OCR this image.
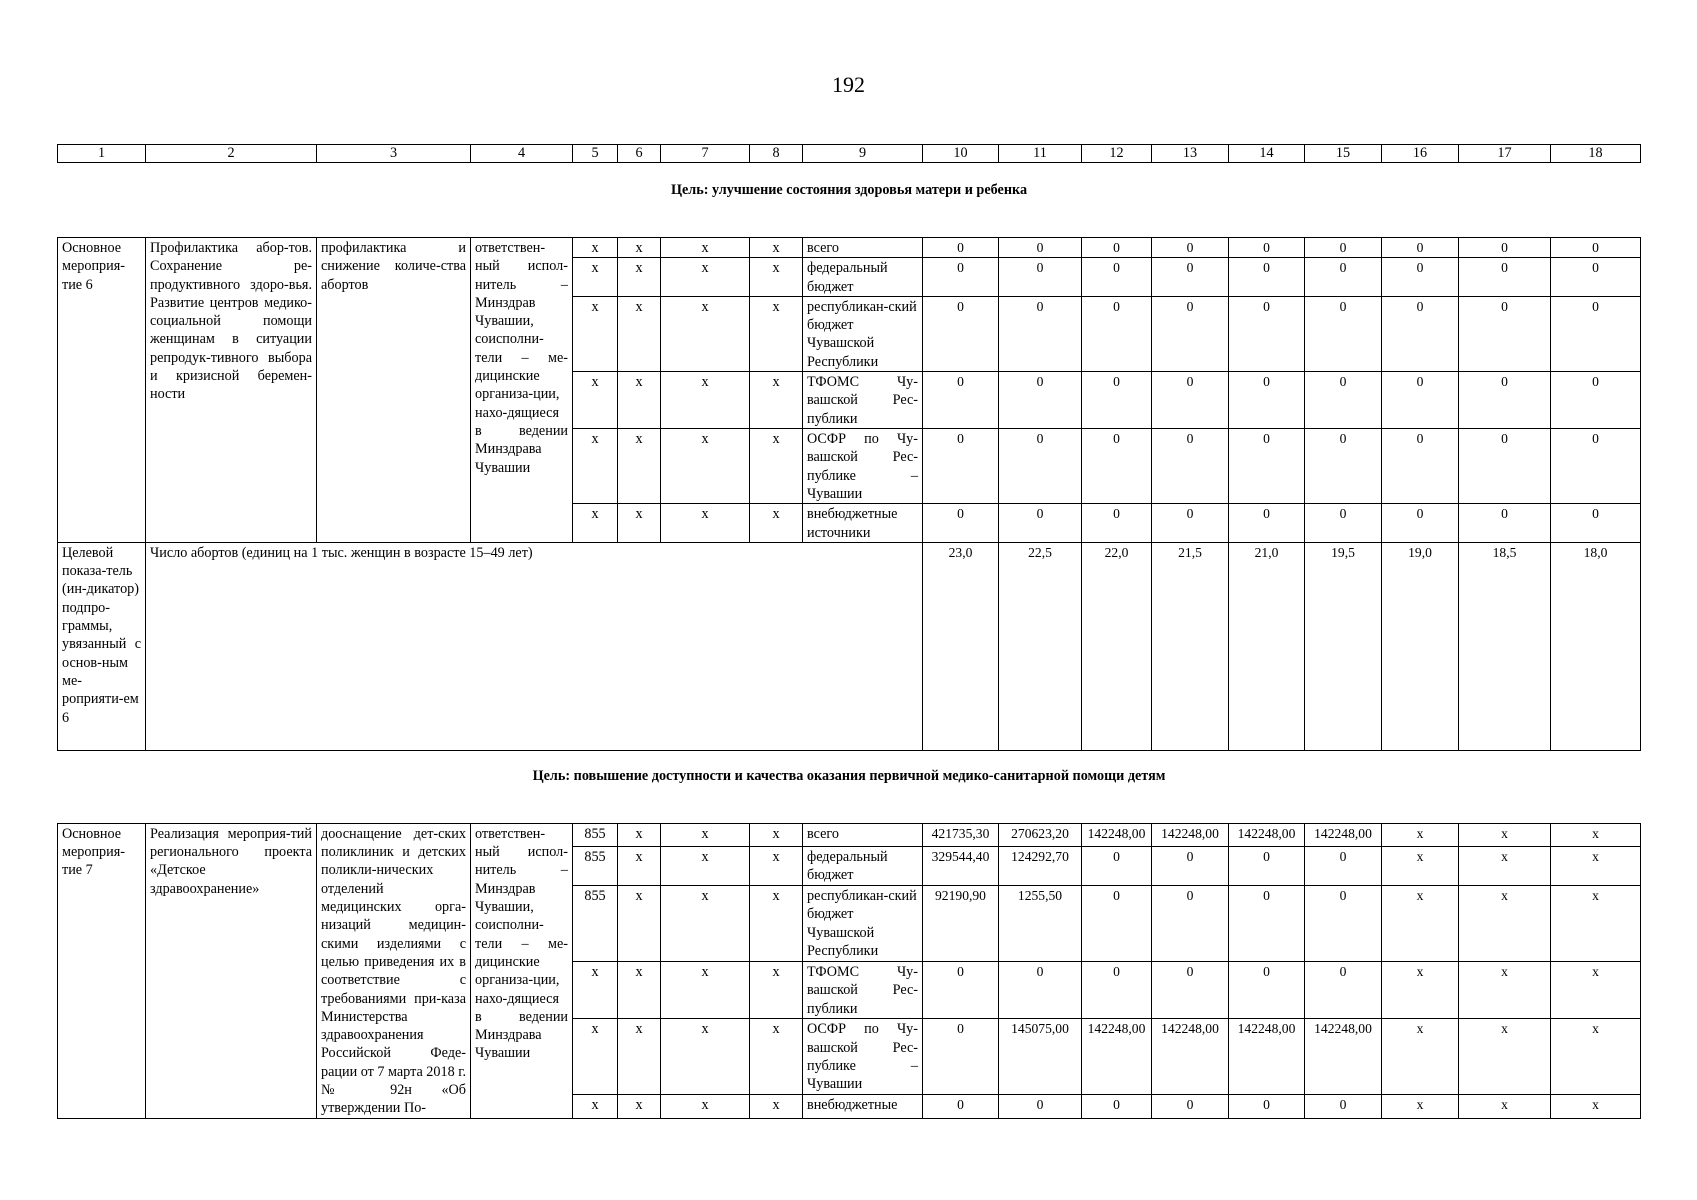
192
1	2	3	4	5	6	7	8	9	10	11	12	13	14	15	16	17	18
Цель: улучшение состояния здоровья матери и ребенка																	
Основное мероприя-тие 6	Профилактика абор-тов. Сохранение ре-продуктивного здоро-вья. Развитие центров медико-социальной помощи женщинам в ситуации репродук-тивного выбора и кризисной беремен-ности	профилактика и снижение количе-ства абортов	ответствен-ный испол-нитель – Минздрав Чувашии, соисполни-тели – ме-дицинские организа-ции, нахо-дящиеся в ведении Минздрава Чувашии	х	х	х	х	всего	0	0	0	0	0	0	0	0	0
				х	х	х	х	федеральный бюджет	0	0	0	0	0	0	0	0	0
				х	х	х	х	республикан-ский бюджет Чувашской Республики	0	0	0	0	0	0	0	0	0
				х	х	х	х	ТФОМС Чу-вашской Рес-публики	0	0	0	0	0	0	0	0	0
				х	х	х	х	ОСФР по Чу-вашской Рес-публике – Чувашии	0	0	0	0	0	0	0	0	0
				х	х	х	х	внебюджетные источники	0	0	0	0	0	0	0	0	0
Целевой показа-тель (ин-дикатор) подпро-граммы, увязанный с основ-ным ме-роприяти-ем 6	Число абортов (единиц на 1 тыс. женщин в возрасте 15–49 лет)								23,0	22,5	22,0	21,5	21,0	19,5	19,0	18,5	18,0
Цель: повышение доступности и качества оказания первичной медико-санитарной помощи детям																	
Основное мероприя-тие 7	Реализация мероприя-тий регионального проекта «Детское здравоохранение»	дооснащение дет-ских поликлиник и детских поликли-нических отделений медицинских орга-низаций медицин-скими изделиями с целью приведения их в соответствие с требованиями при-каза Министерства здравоохранения Российской Феде-рации от 7 марта 2018 г. № 92н «Об утверждении По-	ответствен-ный испол-нитель – Минздрав Чувашии, соисполни-тели – ме-дицинские организа-ции, нахо-дящиеся в ведении Минздрава Чувашии	855	х	х	х	всего	421735,30	270623,20	142248,00	142248,00	142248,00	142248,00	х	х	х
				855	х	х	х	федеральный бюджет	329544,40	124292,70	0	0	0	0	х	х	х
				855	х	х	х	республикан-ский бюджет Чувашской Республики	92190,90	1255,50	0	0	0	0	х	х	х
				х	х	х	х	ТФОМС Чу-вашской Рес-публики	0	0	0	0	0	0	х	х	х
				х	х	х	х	ОСФР по Чу-вашской Рес-публике – Чувашии	0	145075,00	142248,00	142248,00	142248,00	142248,00	х	х	х
				х	х	х	х	внебюджетные	0	0	0	0	0	0	х	х	х
